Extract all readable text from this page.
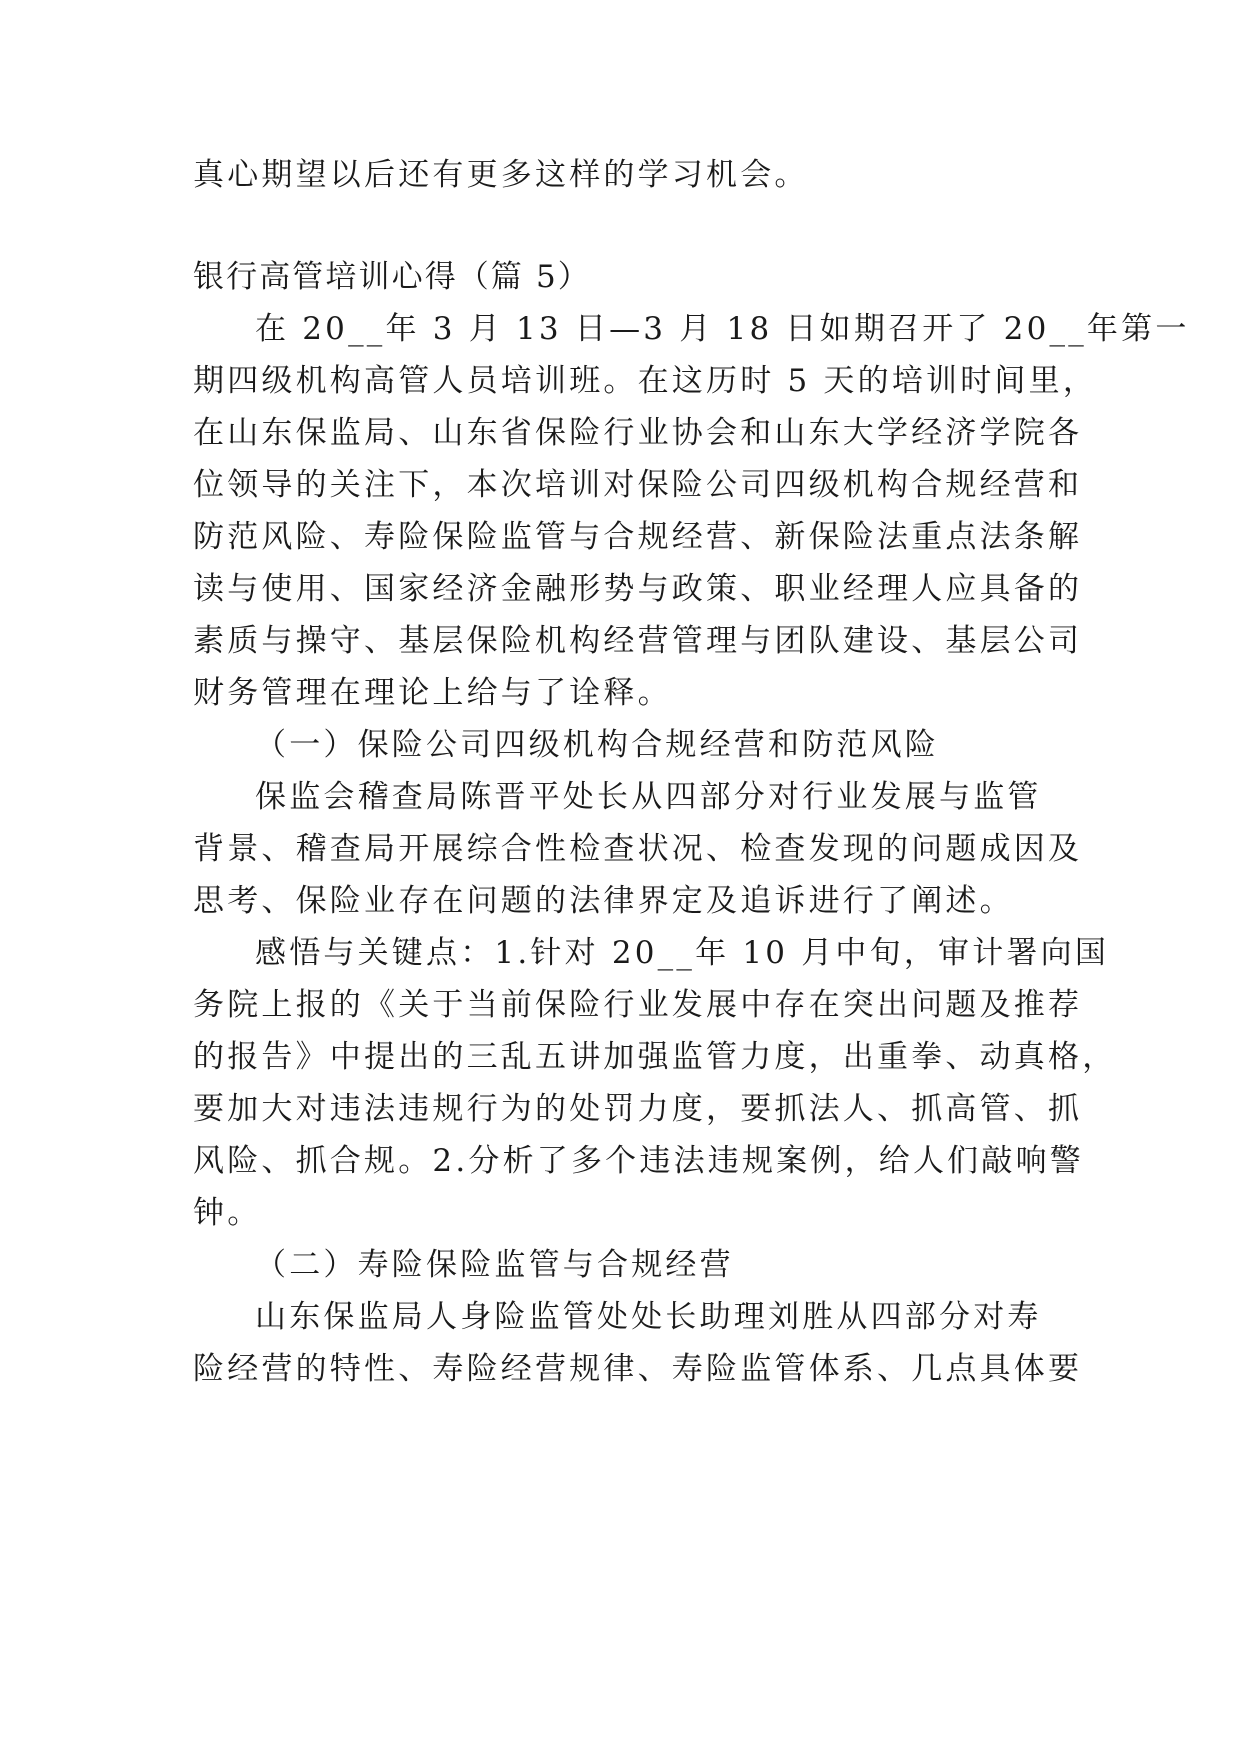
真心期望以后还有更多这样的学习机会。
银行高管培训心得（篇 5）
在 20__年 3 月 13 日—3 月 18 日如期召开了 20__年第一
期四级机构高管人员培训班。在这历时 5 天的培训时间里，
在山东保监局、山东省保险行业协会和山东大学经济学院各
位领导的关注下，本次培训对保险公司四级机构合规经营和
防范风险、寿险保险监管与合规经营、新保险法重点法条解
读与使用、国家经济金融形势与政策、职业经理人应具备的
素质与操守、基层保险机构经营管理与团队建设、基层公司
财务管理在理论上给与了诠释。
（一）保险公司四级机构合规经营和防范风险
保监会稽查局陈晋平处长从四部分对行业发展与监管
背景、稽查局开展综合性检查状况、检查发现的问题成因及
思考、保险业存在问题的法律界定及追诉进行了阐述。
感悟与关键点：1.针对 20__年 10 月中旬，审计署向国
务院上报的《关于当前保险行业发展中存在突出问题及推荐
的报告》中提出的三乱五讲加强监管力度，出重拳、动真格，
要加大对违法违规行为的处罚力度，要抓法人、抓高管、抓
风险、抓合规。2.分析了多个违法违规案例，给人们敲响警
钟。
（二）寿险保险监管与合规经营
山东保监局人身险监管处处长助理刘胜从四部分对寿
险经营的特性、寿险经营规律、寿险监管体系、几点具体要
